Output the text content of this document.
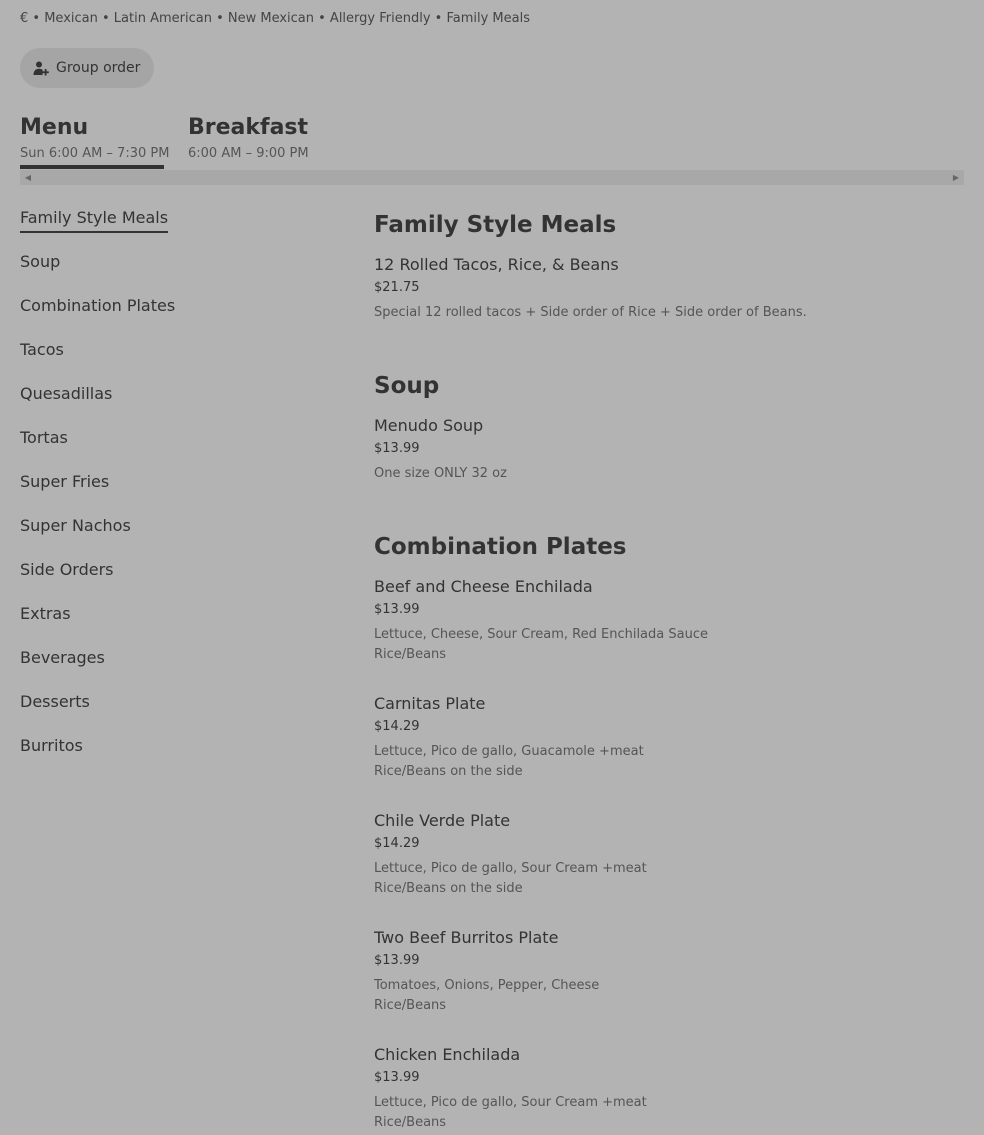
€ • Mexican • Latin American • New Mexican • Allergy Friendly • Family Meals
Group order
Menu
Sun 6:00 AM – 7:30 PM
Breakfast
6:00 AM – 9:00 PM
◀	▶
Family Style Meals
Soup
Combination Plates
Tacos
Quesadillas
Tortas
Super Fries
Super Nachos
Side Orders
Extras
Beverages
Desserts
Burritos
Family Style Meals
12 Rolled Tacos, Rice, & Beans
$21.75
Special 12 rolled tacos + Side order of Rice + Side order of Beans.
Soup
Menudo Soup
$13.99
One size ONLY 32 oz
Combination Plates
Beef and Cheese Enchilada
$13.99
Lettuce, Cheese, Sour Cream, Red Enchilada Sauce
Rice/Beans
Carnitas Plate
$14.29
Lettuce, Pico de gallo, Guacamole +meat
Rice/Beans on the side
Chile Verde Plate
$14.29
Lettuce, Pico de gallo, Sour Cream +meat
Rice/Beans on the side
Two Beef Burritos Plate
$13.99
Tomatoes, Onions, Pepper, Cheese
Rice/Beans
Chicken Enchilada
$13.99
Lettuce, Pico de gallo, Sour Cream +meat
Rice/Beans
